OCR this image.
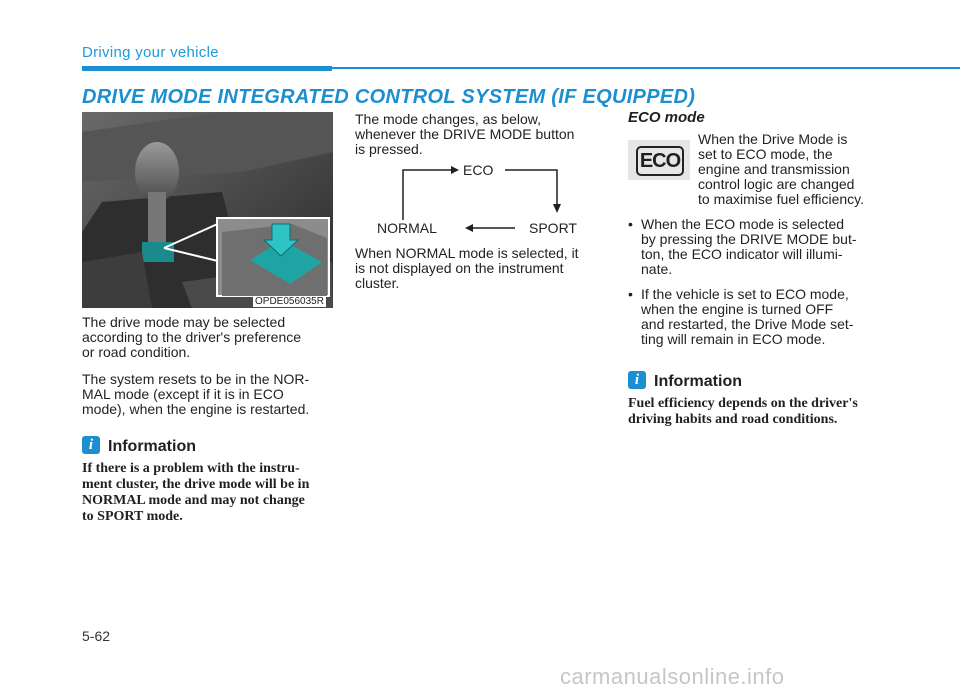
Driving your vehicle
DRIVE MODE INTEGRATED CONTROL SYSTEM (IF EQUIPPED)
OPDE056035R
The drive mode may be selected
according to the driver's preference
or road condition.
The system resets to be in the NOR-
MAL mode (except if it is in ECO
mode), when the engine is restarted.
i Information
If there is a problem with the instru-
ment cluster, the drive mode will be in
NORMAL mode and may not change
to SPORT mode.
The mode changes, as below,
whenever the DRIVE MODE button
is pressed.
ECO
NORMAL	SPORT
When NORMAL mode is selected, it
is not displayed on the instrument
cluster.
ECO mode
ECO
When the Drive Mode is
set to ECO mode, the
engine and transmission
control logic are changed
to maximise fuel efficiency.
• When the ECO mode is selected
by pressing the DRIVE MODE but-
ton, the ECO indicator will illumi-
nate.
• If the vehicle is set to ECO mode,
when the engine is turned OFF
and restarted, the Drive Mode set-
ting will remain in ECO mode.
i Information
Fuel efficiency depends on the driver's
driving habits and road conditions.
5-62
carmanualsonline.info
